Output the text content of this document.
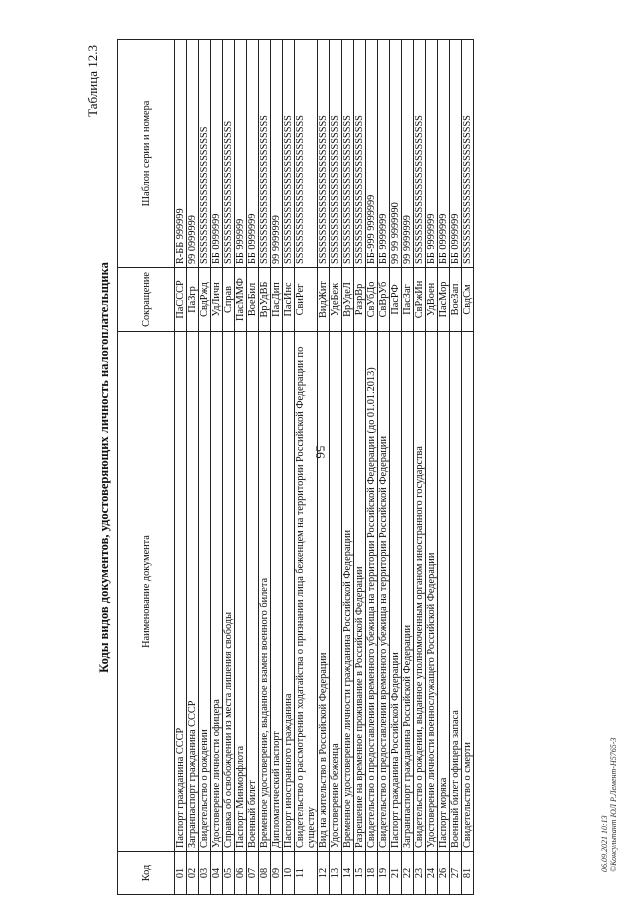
56
06.09.2021 10:13 ©Консультант ЮЛ Р.Лемент-Н5765-3
Таблица 12.3
Коды видов документов, удостоверяющих личность налогоплательщика
Код	Наименование документа	Сокращение	Шаблон серии и номера
01	Паспорт гражданина СССР	ПаСССР	R-ББ 999999
02	Загранпаспорт гражданина СССР	ПаЗгр	99 0999999
03	Свидетельство о рождении	СвдРжд	SSSSSSSSSSSSSSSSSSSSSSSS
04	Удостоверение личности офицера	УдЛичн	ББ 0999999
05	Справка об освобождении из места лишения свободы	Справ	SSSSSSSSSSSSSSSSSSSSSSSSS
06	Паспорт Минморфлота	ПасММФ	ББ 999999
07	Военный билет	ВоеБил	ББ 0999999
08	Временное удостоверение, выданное взамен военного билета	ВрУдВБ	SSSSSSSSSSSSSSSSSSSSSSSSSS
09	Дипломатический паспорт	ПасДип	99 9999999
10	Паспорт иностранного гражданина	ПасИнс	SSSSSSSSSSSSSSSSSSSSSSSSSS
11	Свидетельство о рассмотрении ходатайства о признании лица беженцем на территории Российской Федерации по существу	СвиРег	SSSSSSSSSSSSSSSSSSSSSSSSSS
12	Вид на жительство в Российской Федерации	ВидЖит	SSSSSSSSSSSSSSSSSSSSSSSSSS
13	Удостоверение беженца	УдеБеж	SSSSSSSSSSSSSSSSSSSSSSSSSS
14	Временное удостоверение личности гражданина Российской Федерации	ВрУдеЛ	SSSSSSSSSSSSSSSSSSSSSSSSSS
15	Разрешение на временное проживание в Российской Федерации	РазрВр	SSSSSSSSSSSSSSSSSSSSSSSSSS
18	Свидетельство о предоставлении временного убежища на территории Российской Федерации (до 01.01.2013)	СвУбДо	ББ-999 9999999
19	Свидетельство о предоставлении временного убежища на территории Российской Федерации	СвВрУб	ББ 9999999
21	Паспорт гражданина Российской Федерации	ПасРФ	99 99 9999990
22	Загранпаспорт гражданина Российской Федерации	ПасЗаг	99 9999999
23	Свидетельство о рождении, выданное уполномоченным органом иностранного государства	СвРжИн	SSSSSSSSSSSSSSSSSSSSSSSSSS
24	Удостоверение личности военнослужащего Российской Федерации	УдВоен	ББ 9999999
26	Паспорт моряка	ПасМор	ББ 0999999
27	Военный билет офицера запаса	ВоеЗап	ББ 0999999
81	Свидетельство о смерти	СвдСм	SSSSSSSSSSSSSSSSSSSSSSSSSS
